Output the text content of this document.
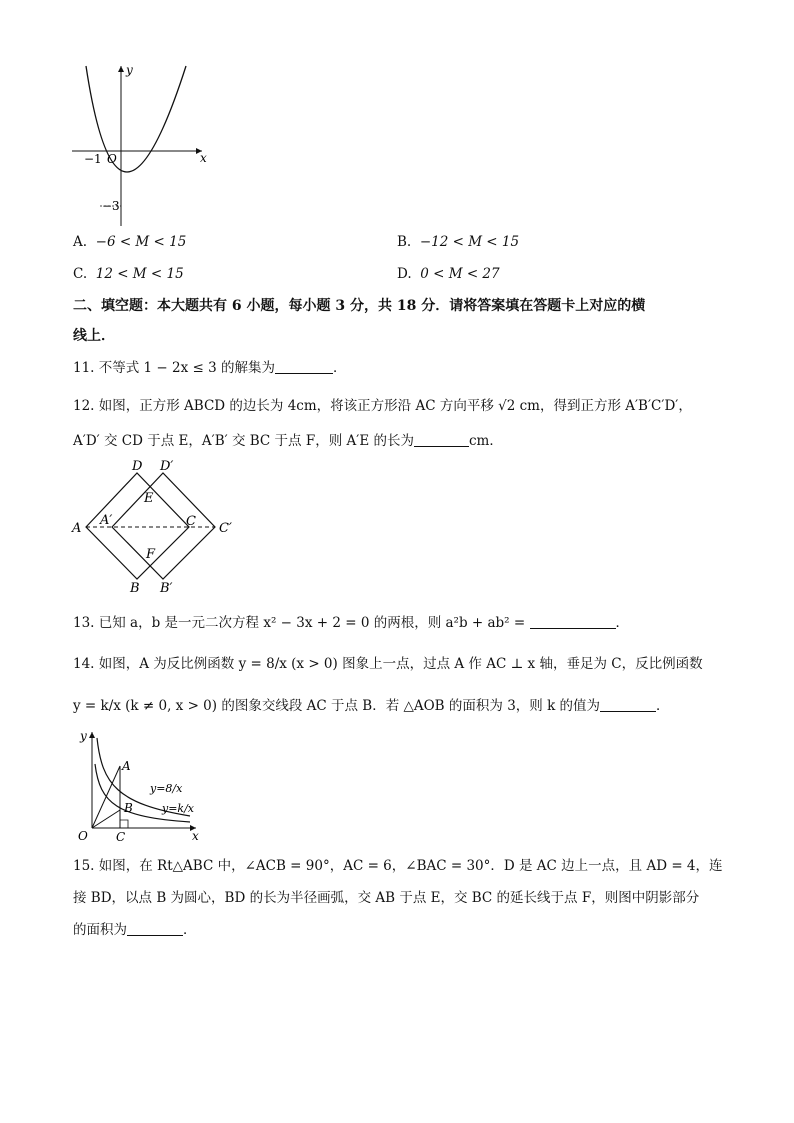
x
y
O
−1
−3
A. −6 < M < 15	B. −12 < M < 15
C. 12 < M < 15	D. 0 < M < 27
二、填空题：本大题共有 6 小题，每小题 3 分，共 18 分．请将答案填在答题卡上对应的横
线上．
11. 不等式 1 − 2x ≤ 3 的解集为	．
12. 如图，正方形 ABCD 的边长为 4cm，将该正方形沿 AC 方向平移 √2 cm，得到正方形 A′B′C′D′，
A′D′ 交 CD 于点 E，A′B′ 交 BC 于点 F，则 A′E 的长为	cm．
A
A′	C C′
D D′
E
F
B B′
13. 已知 a，b 是一元二次方程 x² − 3x + 2 = 0 的两根，则 a²b + ab² =	．
14. 如图，A 为反比例函数 y = 8/x (x > 0) 图象上一点，过点 A 作 AC ⊥ x 轴，垂足为 C，反比例函数
y = k/x (k ≠ 0, x > 0) 的图象交线段 AC 于点 B．若 △AOB 的面积为 3，则 k 的值为	．
y
x
O
A
B
C
y=8/x
y=k/x
15. 如图，在 Rt△ABC 中，∠ACB = 90°，AC = 6，∠BAC = 30°．D 是 AC 边上一点，且 AD = 4，连
接 BD，以点 B 为圆心，BD 的长为半径画弧，交 AB 于点 E，交 BC 的延长线于点 F，则图中阴影部分
的面积为	．
